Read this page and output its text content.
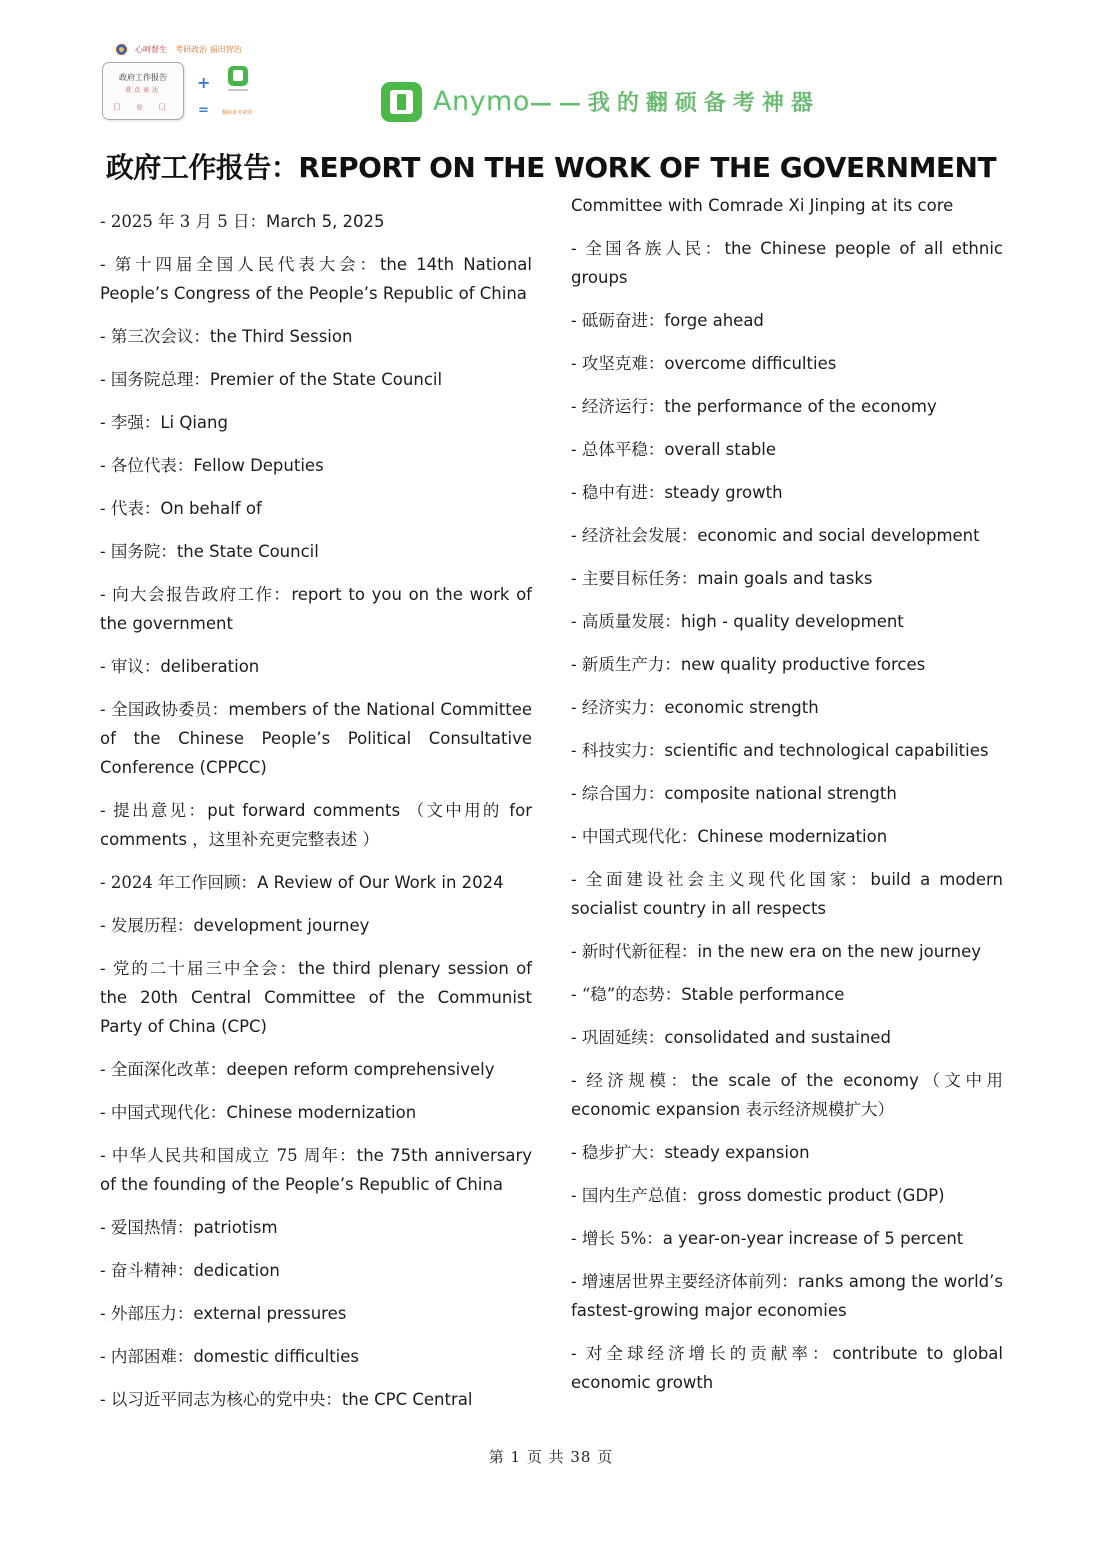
心呵督生 考研政治 福田智治
政府工作报告
重点表达
囗 ◎ 囗
+
=	翻硕备考神器	Anymo——我的翻硕备考神器
政府工作报告：REPORT ON THE WORK OF THE GOVERNMENT
- 2025 年 3 月 5 日：March 5, 2025
- 第十四届全国人民代表大会：the 14th National People’s Congress of the People’s Republic of China
- 第三次会议：the Third Session
- 国务院总理：Premier of the State Council
- 李强：Li Qiang
- 各位代表：Fellow Deputies
- 代表：On behalf of
- 国务院：the State Council
- 向大会报告政府工作：report to you on the work of the government
- 审议：deliberation
- 全国政协委员：members of the National Committee of the Chinese People’s Political Consultative Conference (CPPCC)
- 提出意见：put forward comments （文中用的 for comments ，这里补充更完整表述 ）
- 2024 年工作回顾：A Review of Our Work in 2024
- 发展历程：development journey
- 党的二十届三中全会：the third plenary session of the 20th Central Committee of the Communist Party of China (CPC)
- 全面深化改革：deepen reform comprehensively
- 中国式现代化：Chinese modernization
- 中华人民共和国成立 75 周年：the 75th anniversary of the founding of the People’s Republic of China
- 爱国热情：patriotism
- 奋斗精神：dedication
- 外部压力：external pressures
- 内部困难：domestic difficulties
- 以习近平同志为核心的党中央：the CPC Central
Committee with Comrade Xi Jinping at its core
- 全国各族人民：the Chinese people of all ethnic groups
- 砥砺奋进：forge ahead
- 攻坚克难：overcome difficulties
- 经济运行：the performance of the economy
- 总体平稳：overall stable
- 稳中有进：steady growth
- 经济社会发展：economic and social development
- 主要目标任务：main goals and tasks
- 高质量发展：high - quality development
- 新质生产力：new quality productive forces
- 经济实力：economic strength
- 科技实力：scientific and technological capabilities
- 综合国力：composite national strength
- 中国式现代化：Chinese modernization
- 全面建设社会主义现代化国家：build a modern socialist country in all respects
- 新时代新征程：in the new era on the new journey
- “稳”的态势：Stable performance
- 巩固延续：consolidated and sustained
- 经济规模：the scale of the economy（文中用 economic expansion 表示经济规模扩大）
- 稳步扩大：steady expansion
- 国内生产总值：gross domestic product (GDP)
- 增长 5%：a year-on-year increase of 5 percent
- 增速居世界主要经济体前列：ranks among the world’s fastest-growing major economies
- 对全球经济增长的贡献率：contribute to global economic growth
第 1 页 共 38 页
